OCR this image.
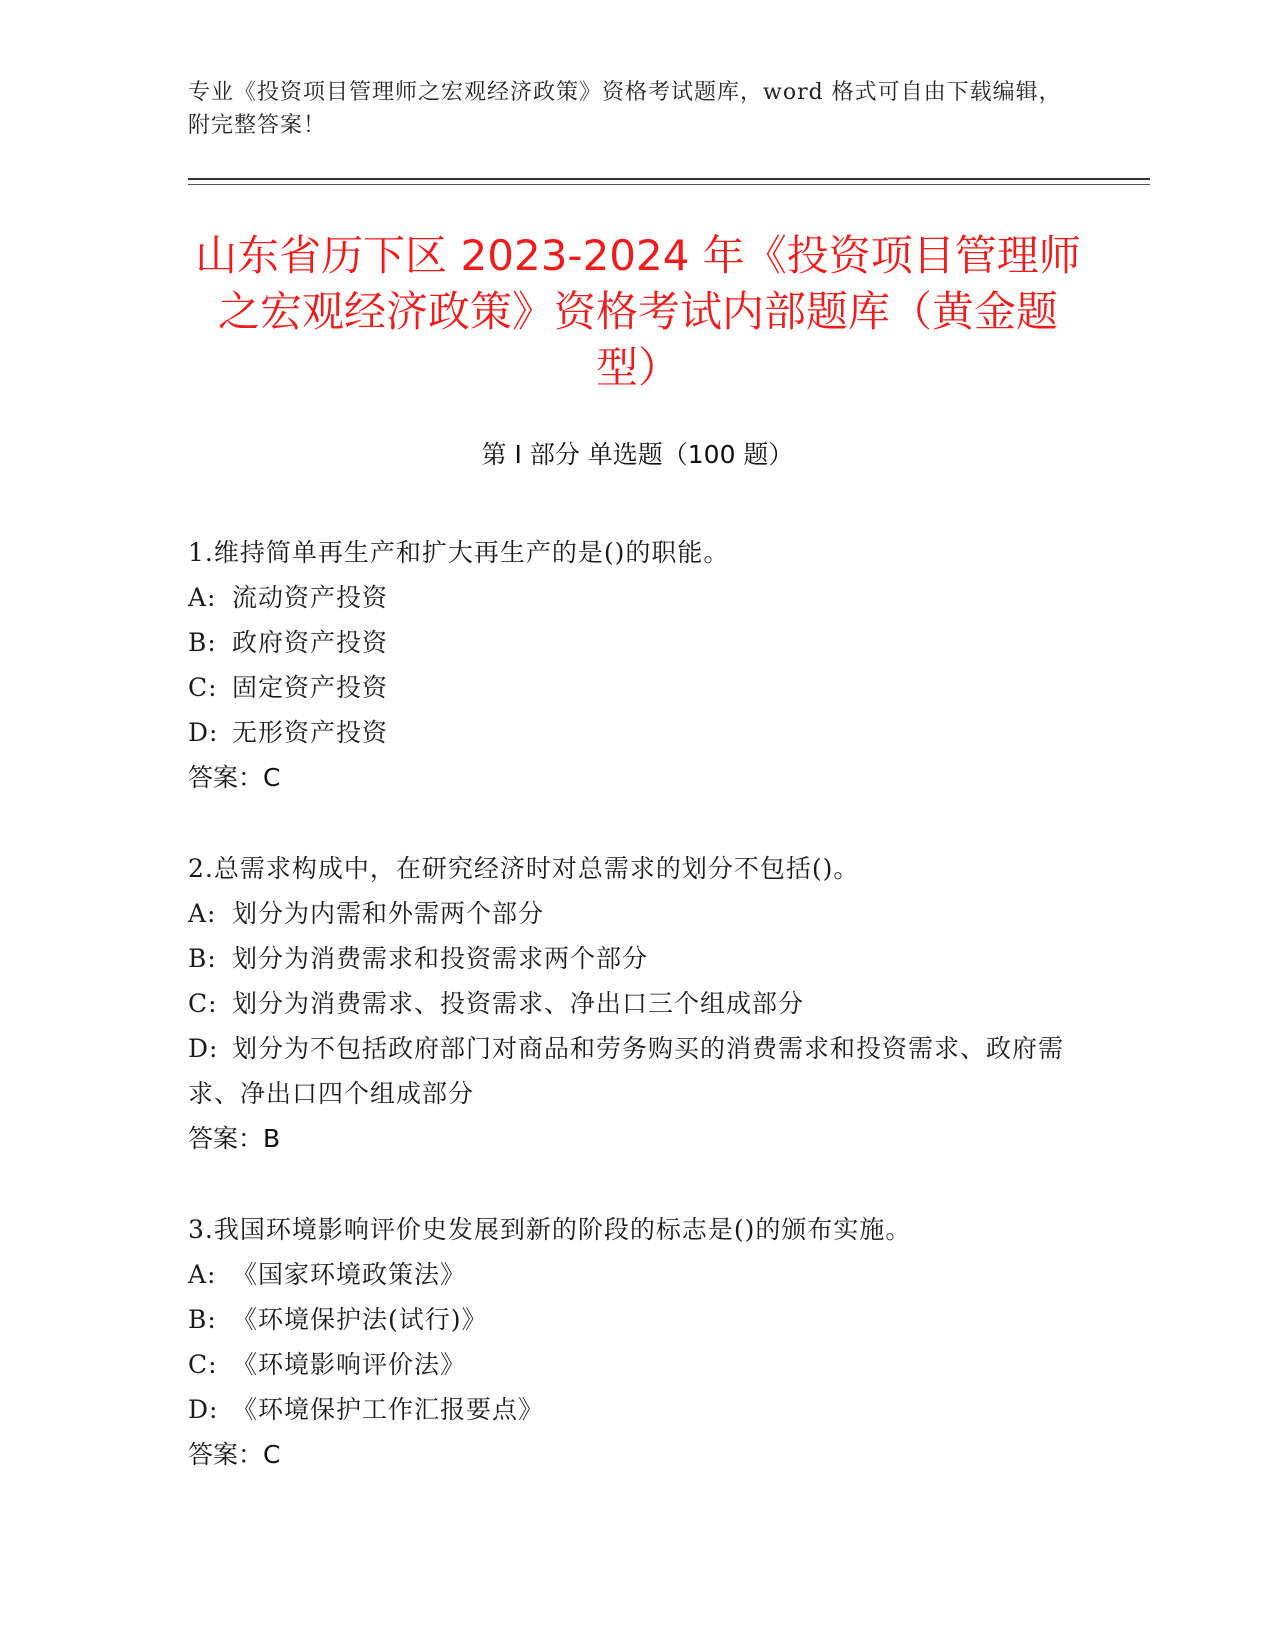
专业《投资项目管理师之宏观经济政策》资格考试题库，word 格式可自由下载编辑，附完整答案！
山东省历下区 2023-2024 年《投资项目管理师之宏观经济政策》资格考试内部题库（黄金题型）
第 I 部分 单选题（100 题）
1.维持简单再生产和扩大再生产的是()的职能。
A: 流动资产投资
B: 政府资产投资
C: 固定资产投资
D: 无形资产投资
答案：C
2.总需求构成中，在研究经济时对总需求的划分不包括()。
A: 划分为内需和外需两个部分
B: 划分为消费需求和投资需求两个部分
C: 划分为消费需求、投资需求、净出口三个组成部分
D: 划分为不包括政府部门对商品和劳务购买的消费需求和投资需求、政府需求、净出口四个组成部分
答案：B
3.我国环境影响评价史发展到新的阶段的标志是()的颁布实施。
A: 《国家环境政策法》
B: 《环境保护法(试行)》
C: 《环境影响评价法》
D: 《环境保护工作汇报要点》
答案：C
